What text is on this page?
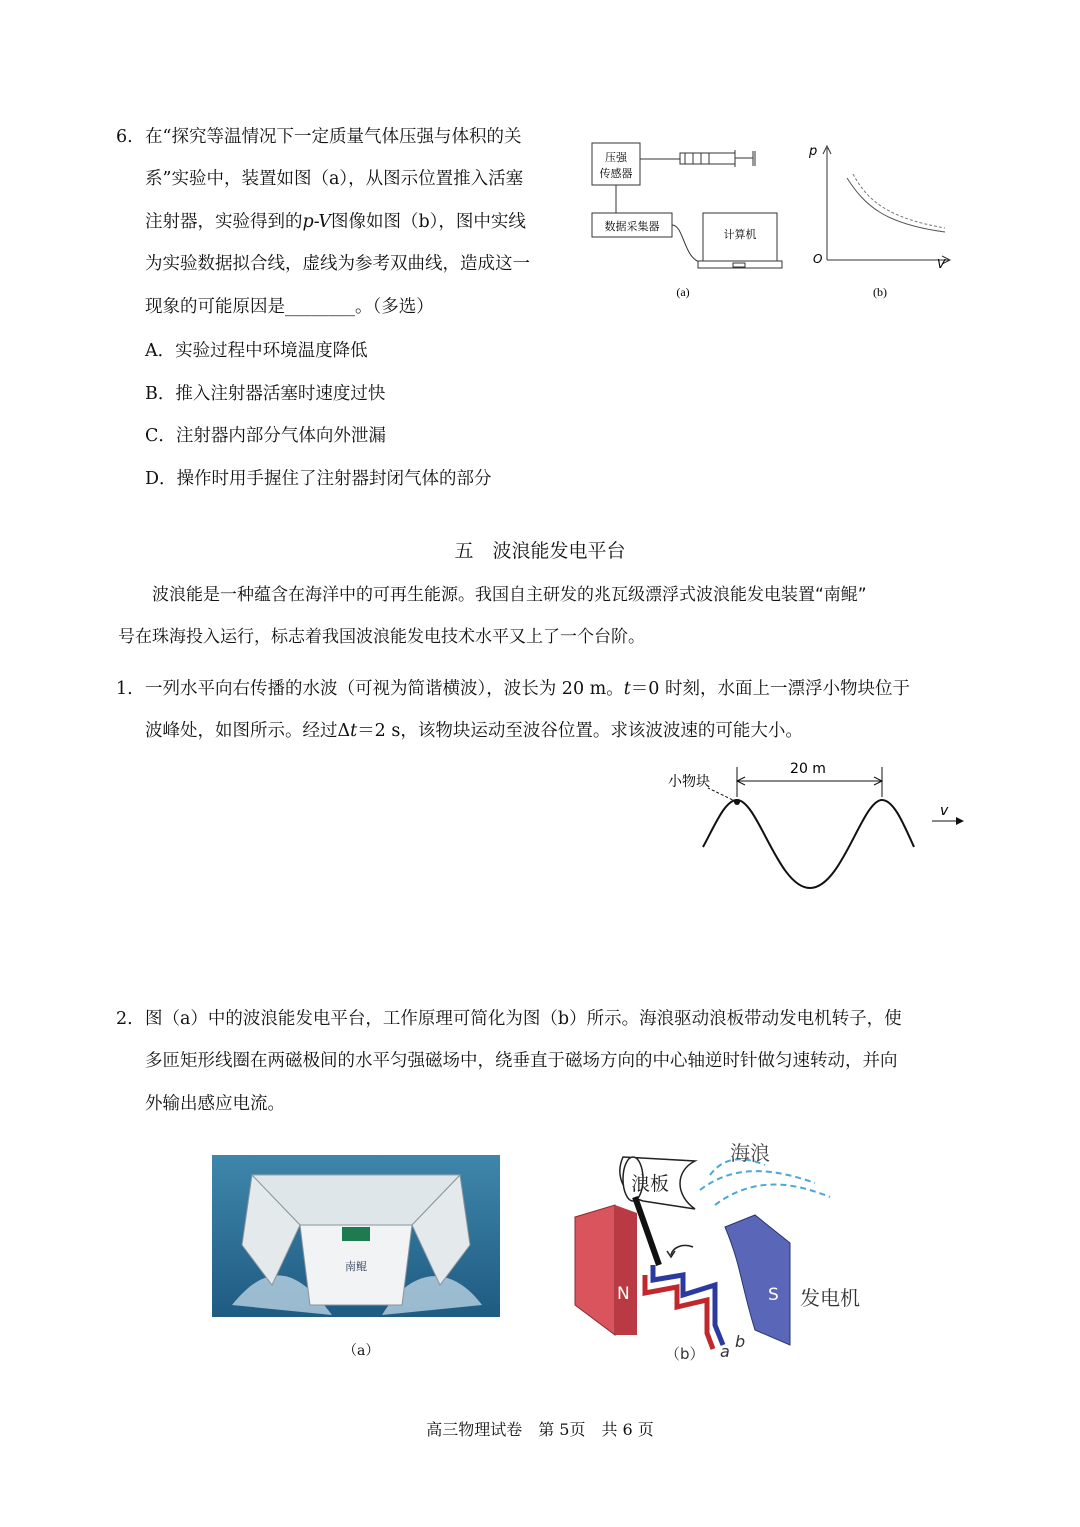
6. 在“探究等温情况下一定质量气体压强与体积的关
系”实验中，装置如图（a），从图示位置推入活塞
注射器，实验得到的p-V图像如图（b），图中实线
为实验数据拟合线，虚线为参考双曲线，造成这一
现象的可能原因是________。（多选）
A．实验过程中环境温度降低
B．推入注射器活塞时速度过快
C．注射器内部分气体向外泄漏
D．操作时用手握住了注射器封闭气体的部分
压强
传感器
数据采集器
计算机
(a)
p
O	V
(b)
五　波浪能发电平台
波浪能是一种蕴含在海洋中的可再生能源。我国自主研发的兆瓦级漂浮式波浪能发电装置“南鲲”
号在珠海投入运行，标志着我国波浪能发电技术水平又上了一个台阶。
1. 一列水平向右传播的水波（可视为简谐横波），波长为 20 m。t＝0 时刻，水面上一漂浮小物块位于
波峰处，如图所示。经过Δt＝2 s，该物块运动至波谷位置。求该波波速的可能大小。
小物块
20 m
v
2. 图（a）中的波浪能发电平台，工作原理可简化为图（b）所示。海浪驱动浪板带动发电机转子，使
多匝矩形线圈在两磁极间的水平匀强磁场中，绕垂直于磁场方向的中心轴逆时针做匀速转动，并向
外输出感应电流。
南鲲
（a）
海浪
浪板
N	S 发电机
a
b
（b）
高三物理试卷　第 5页　共 6 页
